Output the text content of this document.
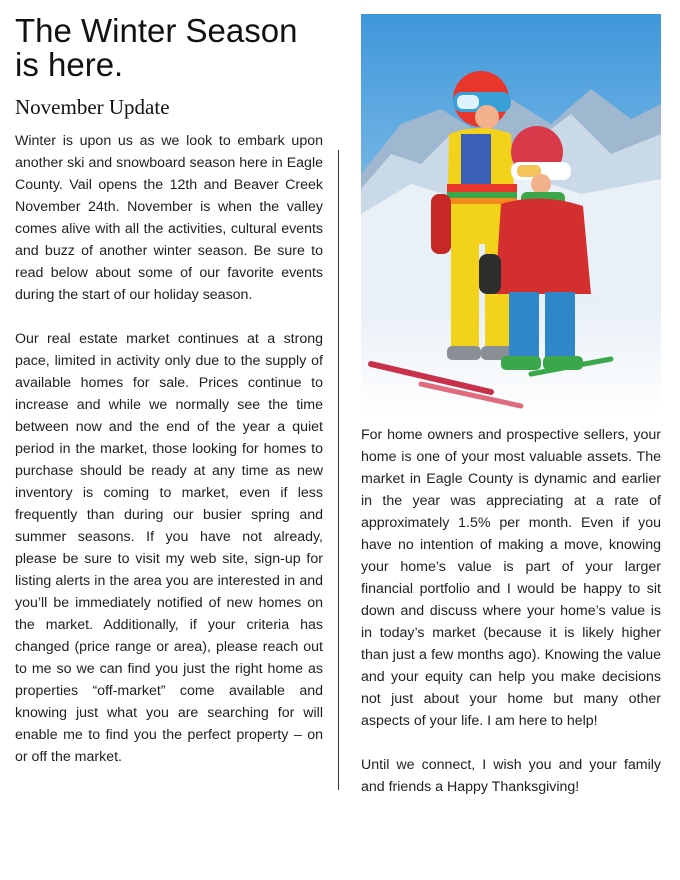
The Winter Season is here.
November Update

Winter is upon us as we look to embark upon another ski and snowboard season here in Eagle County. Vail opens the 12th and Beaver Creek November 24th. November is when the valley comes alive with all the activities, cultural events and buzz of another winter season. Be sure to read below about some of our favorite events during the start of our holiday season.

Our real estate market continues at a strong pace, limited in activity only due to the supply of available homes for sale. Prices continue to increase and while we normally see the time between now and the end of the year a quiet period in the market, those looking for homes to purchase should be ready at any time as new inventory is coming to market, even if less frequently than during our busier spring and summer seasons. If you have not already, please be sure to visit my web site, sign-up for listing alerts in the area you are interested in and you’ll be immediately notified of new homes on the market. Additionally, if your criteria has changed (price range or area), please reach out to me so we can find you just the right home as properties “off-market” come available and knowing just what you are searching for will enable me to find you the perfect property – on or off the market.

For home owners and prospective sellers, your home is one of your most valuable assets. The market in Eagle County is dynamic and earlier in the year was appreciating at a rate of approximately 1.5% per month. Even if you have no intention of making a move, knowing your home’s value is part of your larger financial portfolio and I would be happy to sit down and discuss where your home’s value is in today’s market (because it is likely higher than just a few months ago). Knowing the value and your equity can help you make decisions not just about your home but many other aspects of your life. I am here to help!

Until we connect, I wish you and your family and friends a Happy Thanksgiving!
